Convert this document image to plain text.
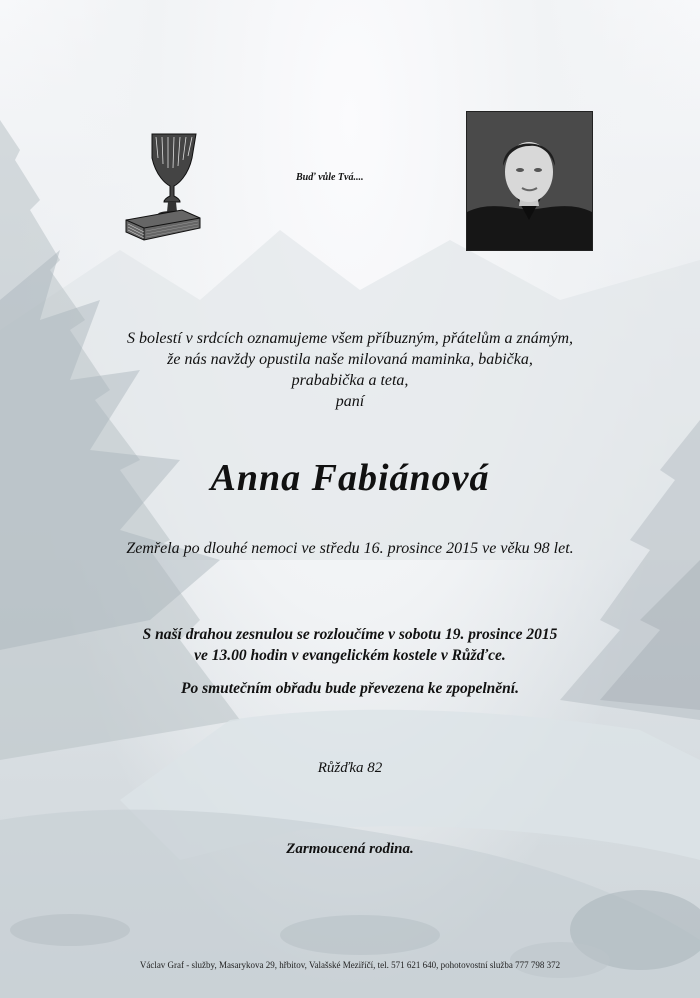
Buď vůle Tvá....
S bolestí v srdcích oznamujeme všem příbuzným, přátelům a známým,
že nás navždy opustila naše milovaná maminka, babička,
prababička a teta,
paní
Anna Fabiánová
Zemřela po dlouhé nemoci ve středu 16. prosince 2015 ve věku 98 let.
S naší drahou zesnulou se rozloučíme v sobotu 19. prosince 2015
ve 13.00 hodin v evangelickém kostele v Růžďce.
Po smutečním obřadu bude převezena ke zpopelnění.
Růžďka 82
Zarmoucená rodina.
Václav Graf - služby, Masarykova 29, hřbitov, Valašské Meziříčí, tel. 571 621 640, pohotovostní služba 777 798 372
